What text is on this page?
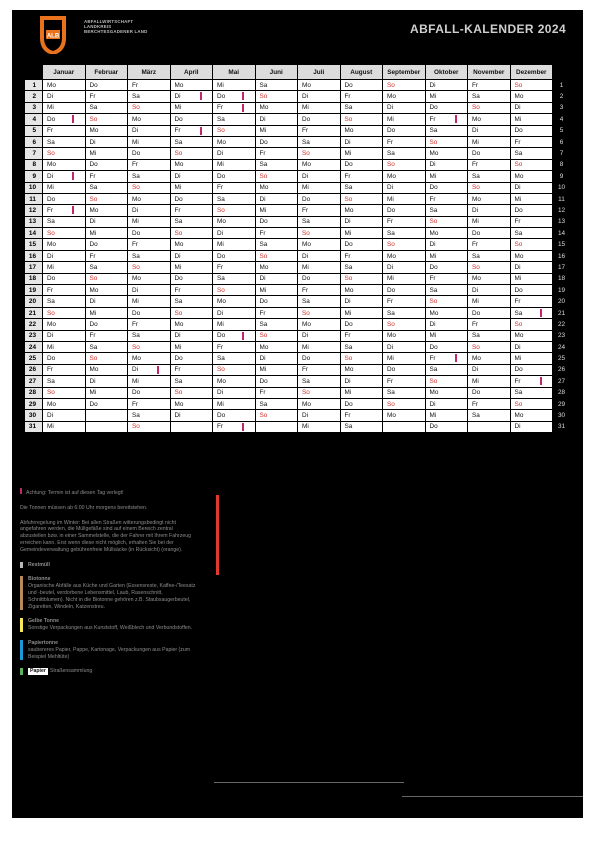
ALB
ABFALLWIRTSCHAFT
LANDKREIS
BERCHTESGADENER LAND	ABFALL-KALENDER 2024
	Januar	Februar	März	April	Mai	Juni	Juli	August	September	Oktober	November	Dezember	
1	Mo	Do	Fr	Mo	Mi	Sa	Mo	Do	So	Di	Fr	So	1
2	Di	Fr	Sa	Di	Do	So	Di	Fr	Mo	Mi	Sa	Mo	2
3	Mi	Sa	So	Mi	Fr	Mo	Mi	Sa	Di	Do	So	Di	3
4	Do	So	Mo	Do	Sa	Di	Do	So	Mi	Fr	Mo	Mi	4
5	Fr	Mo	Di	Fr	So	Mi	Fr	Mo	Do	Sa	Di	Do	5
6	Sa	Di	Mi	Sa	Mo	Do	Sa	Di	Fr	So	Mi	Fr	6
7	So	Mi	Do	So	Di	Fr	So	Mi	Sa	Mo	Do	Sa	7
8	Mo	Do	Fr	Mo	Mi	Sa	Mo	Do	So	Di	Fr	So	8
9	Di	Fr	Sa	Di	Do	So	Di	Fr	Mo	Mi	Sa	Mo	9
10	Mi	Sa	So	Mi	Fr	Mo	Mi	Sa	Di	Do	So	Di	10
11	Do	So	Mo	Do	Sa	Di	Do	So	Mi	Fr	Mo	Mi	11
12	Fr	Mo	Di	Fr	So	Mi	Fr	Mo	Do	Sa	Di	Do	12
13	Sa	Di	Mi	Sa	Mo	Do	Sa	Di	Fr	So	Mi	Fr	13
14	So	Mi	Do	So	Di	Fr	So	Mi	Sa	Mo	Do	Sa	14
15	Mo	Do	Fr	Mo	Mi	Sa	Mo	Do	So	Di	Fr	So	15
16	Di	Fr	Sa	Di	Do	So	Di	Fr	Mo	Mi	Sa	Mo	16
17	Mi	Sa	So	Mi	Fr	Mo	Mi	Sa	Di	Do	So	Di	17
18	Do	So	Mo	Do	Sa	Di	Do	So	Mi	Fr	Mo	Mi	18
19	Fr	Mo	Di	Fr	So	Mi	Fr	Mo	Do	Sa	Di	Do	19
20	Sa	Di	Mi	Sa	Mo	Do	Sa	Di	Fr	So	Mi	Fr	20
21	So	Mi	Do	So	Di	Fr	So	Mi	Sa	Mo	Do	Sa	21
22	Mo	Do	Fr	Mo	Mi	Sa	Mo	Do	So	Di	Fr	So	22
23	Di	Fr	Sa	Di	Do	So	Di	Fr	Mo	Mi	Sa	Mo	23
24	Mi	Sa	So	Mi	Fr	Mo	Mi	Sa	Di	Do	So	Di	24
25	Do	So	Mo	Do	Sa	Di	Do	So	Mi	Fr	Mo	Mi	25
26	Fr	Mo	Di	Fr	So	Mi	Fr	Mo	Do	Sa	Di	Do	26
27	Sa	Di	Mi	Sa	Mo	Do	Sa	Di	Fr	So	Mi	Fr	27
28	So	Mi	Do	So	Di	Fr	So	Mi	Sa	Mo	Do	Sa	28
29	Mo	Do	Fr	Mo	Mi	Sa	Mo	Do	So	Di	Fr	So	29
30	Di		Sa	Di	Do	So	Di	Fr	Mo	Mi	Sa	Mo	30
31	Mi		So		Fr		Mi	Sa		Do		Di	31
Achtung: Termin ist auf diesen Tag verlegt!
Die Tonnen müssen ab 6:00 Uhr morgens bereitstehen.
Abfuhrregelung im Winter: Bei allen Straßen witterungsbedingt nicht angefahren werden, die Müllgefäße sind auf einem Bereich zentral abzustellen bzw. in einer Sammelstelle, die der Fahrer mit Ihrem Fahrzeug erreichen kann. Erst wenn diese nicht möglich, erhalten Sie bei der Gemeindeverwaltung gebührenfreie Müllsäcke (in Rücksicht) (orange).
Restmüll
Biotonne
Organische Abfälle aus Küche und Garten (Essensreste, Kaffee-/Teesatz und -beutel, verdorbene Lebensmittel, Laub, Rasenschnitt, Schnittblumen). Nicht in die Biotonne gehören z.B. Staubsaugerbeutel, Zigaretten, Windeln, Katzenstreu.
Gelbe Tonne
Sonstige Verpackungen aus Kunststoff, Weißblech und Verbundstoffen.
Papiertonne
saubereres Papier, Pappe, Kartonage, Verpackungen aus Papier (zum Beispiel Mehltüte)
Papier Straßensammlung
